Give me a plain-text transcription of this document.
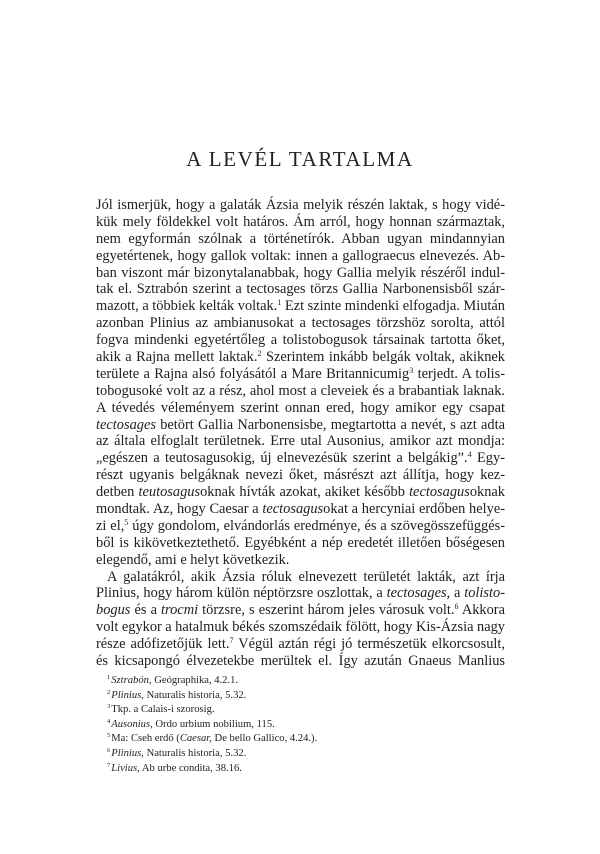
A LEVÉL TARTALMA
Jól ismerjük, hogy a galaták Ázsia melyik részén laktak, s hogy vidé-
kük mely földekkel volt határos. Ám arról, hogy honnan származtak,
nem egyformán szólnak a történetírók. Abban ugyan mindannyian
egyetértenek, hogy gallok voltak: innen a gallograecus elnevezés. Ab-
ban viszont már bizonytalanabbak, hogy Gallia melyik részéről indul-
tak el. Sztrabón szerint a tectosages törzs Gallia Narbonensisből szár-
mazott, a többiek kelták voltak.$^1$ Ezt szinte mindenki elfogadja. Miután
azonban Plinius az ambianusokat a tectosages törzshöz sorolta, attól
fogva mindenki egyetértőleg a tolistobogusok társainak tartotta őket,
akik a Rajna mellett laktak.$^2$ Szerintem inkább belgák voltak, akiknek
területe a Rajna alsó folyásától a Mare Britannicumig$^3$ terjedt. A tolis-
tobogusoké volt az a rész, ahol most a cleveiek és a brabantiak laknak.
A tévedés véleményem szerint onnan ered, hogy amikor egy csapat
tectosages betört Gallia Narbonensisbe, megtartotta a nevét, s azt adta
az általa elfoglalt területnek. Erre utal Ausonius, amikor azt mondja:
„egészen a teutosagusokig, új elnevezésük szerint a belgákig”.$^4$ Egy-
részt ugyanis belgáknak nevezi őket, másrészt azt állítja, hogy kez-
detben teutosagusoknak hívták azokat, akiket később tectosagusoknak
mondtak. Az, hogy Caesar a tectosagusokat a hercyniai erdőben helye-
zi el,$^5$ úgy gondolom, elvándorlás eredménye, és a szövegösszefüggés-
ből is kikövetkeztethető. Egyébként a nép eredetét illetően bőségesen
elegendő, ami e helyt következik.
A galatákról, akik Ázsia róluk elnevezett területét lakták, azt írja
Plinius, hogy három külön néptörzsre oszlottak, a tectosages, a tolisto-
bogus és a trocmi törzsre, s eszerint három jeles városuk volt.$^6$ Akkora
volt egykor a hatalmuk békés szomszédaik fölött, hogy Kis-Ázsia nagy
része adófizetőjük lett.$^7$ Végül aztán régi jó természetük elkorcsosult,
és kicsapongó élvezetekbe merültek el. Így azután Gnaeus Manlius
$^1$Sztrabón, Geógraphika, 4.2.1.
$^2$Plinius, Naturalis historia, 5.32.
$^3$Tkp. a Calais-i szorosig.
$^4$Ausonius, Ordo urbium nobilium, 115.
$^5$Ma: Cseh erdő (Caesar, De bello Gallico, 4.24.).
$^6$Plinius, Naturalis historia, 5.32.
$^7$Livius, Ab urbe condita, 38.16.
